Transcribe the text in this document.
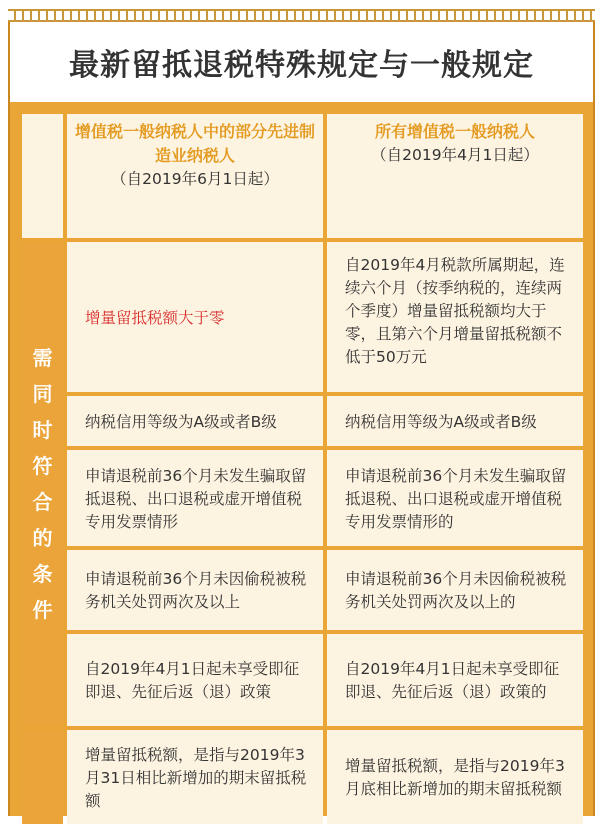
最新留抵退税特殊规定与一般规定
增值税一般纳税人中的部分先进制造业纳税人
（自2019年6月1日起）
所有增值税一般纳税人
（自2019年4月1日起）
需
同
时
符
合
的
条
件
增量留抵税额大于零
自2019年4月税款所属期起，连续六个月（按季纳税的，连续两个季度）增量留抵税额均大于零，且第六个月增量留抵税额不低于50万元
纳税信用等级为A级或者B级	纳税信用等级为A级或者B级
申请退税前36个月未发生骗取留抵退税、出口退税或虚开增值税专用发票情形
申请退税前36个月未发生骗取留抵退税、出口退税或虚开增值税专用发票情形的
申请退税前36个月未因偷税被税务机关处罚两次及以上
申请退税前36个月未因偷税被税务机关处罚两次及以上的
自2019年4月1日起未享受即征即退、先征后返（退）政策
自2019年4月1日起未享受即征即退、先征后返（退）政策的
增量留抵税额，是指与2019年3月31日相比新增加的期末留抵税额
增量留抵税额，是指与2019年3月底相比新增加的期末留抵税额
